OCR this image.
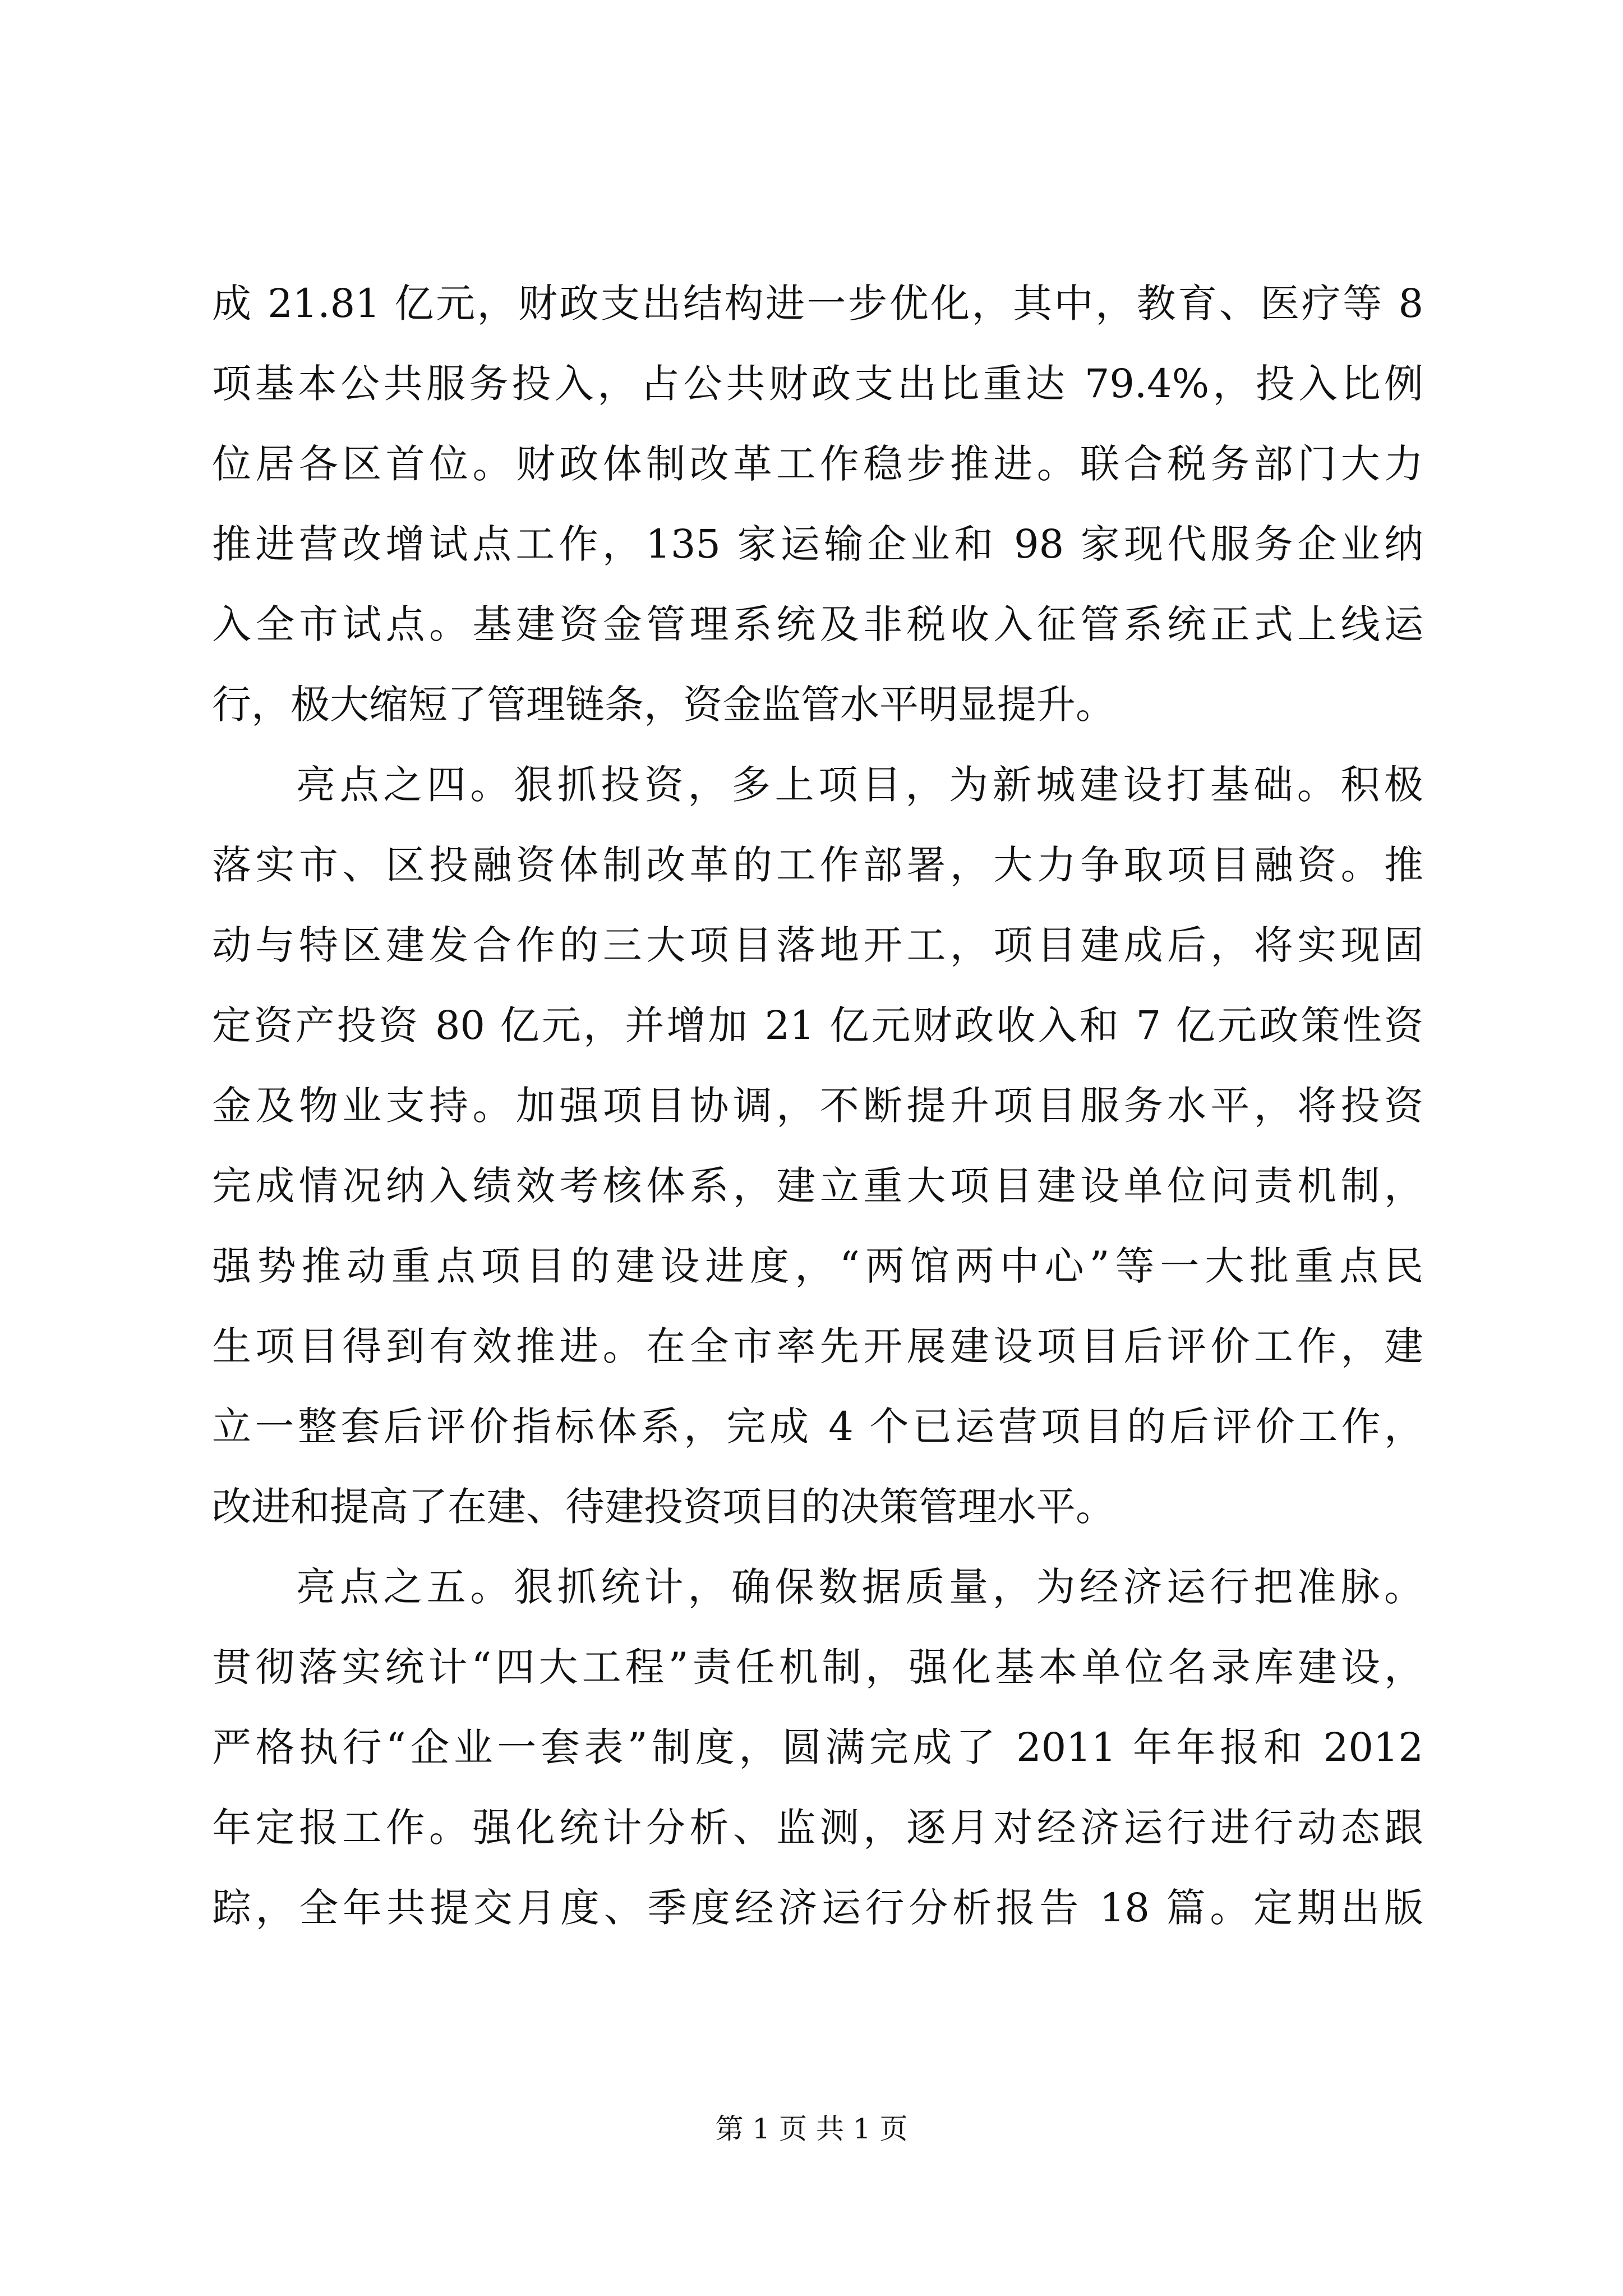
成 21.81 亿元，财政支出结构进一步优化，其中，教育、医疗等 8
项基本公共服务投入，占公共财政支出比重达 79.4%，投入比例
位居各区首位。财政体制改革工作稳步推进。联合税务部门大力
推进营改增试点工作，135 家运输企业和 98 家现代服务企业纳
入全市试点。基建资金管理系统及非税收入征管系统正式上线运
行，极大缩短了管理链条，资金监管水平明显提升。
亮点之四。狠抓投资，多上项目，为新城建设打基础。积极
落实市、区投融资体制改革的工作部署，大力争取项目融资。推
动与特区建发合作的三大项目落地开工，项目建成后，将实现固
定资产投资 80 亿元，并增加 21 亿元财政收入和 7 亿元政策性资
金及物业支持。加强项目协调，不断提升项目服务水平，将投资
完成情况纳入绩效考核体系，建立重大项目建设单位问责机制，
强势推动重点项目的建设进度，“两馆两中心”等一大批重点民
生项目得到有效推进。在全市率先开展建设项目后评价工作，建
立一整套后评价指标体系，完成 4 个已运营项目的后评价工作，
改进和提高了在建、待建投资项目的决策管理水平。
亮点之五。狠抓统计，确保数据质量，为经济运行把准脉。
贯彻落实统计“四大工程”责任机制，强化基本单位名录库建设，
严格执行“企业一套表”制度，圆满完成了 2011 年年报和 2012
年定报工作。强化统计分析、监测，逐月对经济运行进行动态跟
踪，全年共提交月度、季度经济运行分析报告 18 篇。定期出版
第 1 页 共 1 页
